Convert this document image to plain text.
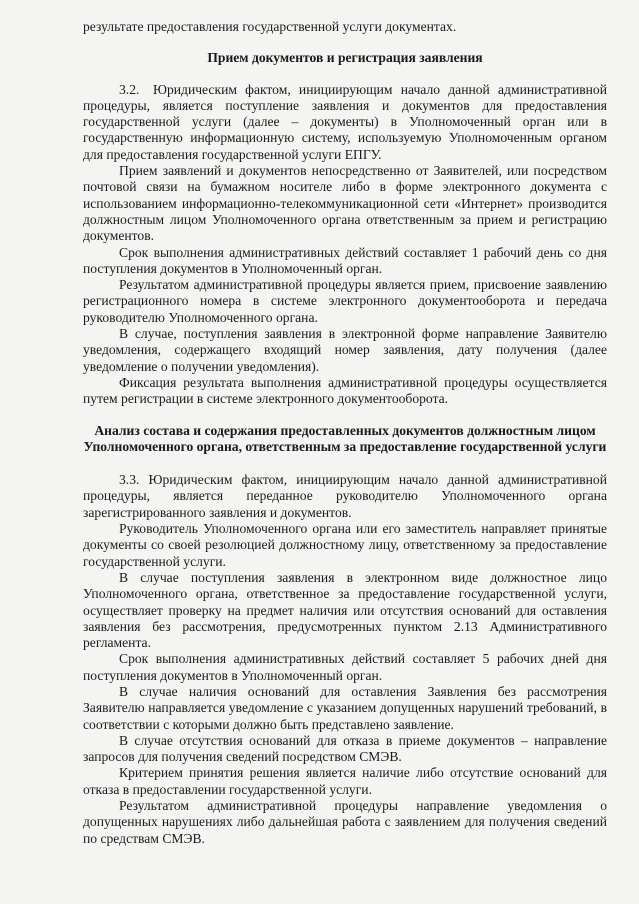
результате предоставления государственной услуги документах.

Прием документов и регистрация заявления

3.2. Юридическим фактом, инициирующим начало данной административной процедуры, является поступление заявления и документов для предоставления государственной услуги (далее – документы) в Уполномоченный орган или в государственную информационную систему, используемую Уполномоченным органом для предоставления государственной услуги ЕПГУ.

Прием заявлений и документов непосредственно от Заявителей, или посредством почтовой связи на бумажном носителе либо в форме электронного документа с использованием информационно-телекоммуникационной сети «Интернет» производится должностным лицом Уполномоченного органа ответственным за прием и регистрацию документов.

Срок выполнения административных действий составляет 1 рабочий день со дня поступления документов в Уполномоченный орган.

Результатом административной процедуры является прием, присвоение заявлению регистрационного номера в системе электронного документооборота и передача руководителю Уполномоченного органа.

В случае, поступления заявления в электронной форме направление Заявителю уведомления, содержащего входящий номер заявления, дату получения (далее уведомление о получении уведомления).

Фиксация результата выполнения административной процедуры осуществляется путем регистрации в системе электронного документооборота.

Анализ состава и содержания предоставленных документов должностным лицом Уполномоченного органа, ответственным за предоставление государственной услуги

3.3. Юридическим фактом, инициирующим начало данной административной процедуры, является переданное руководителю Уполномоченного органа зарегистрированного заявления и документов.

Руководитель Уполномоченного органа или его заместитель направляет принятые документы со своей резолюцией должностному лицу, ответственному за предоставление государственной услуги.

В случае поступления заявления в электронном виде должностное лицо Уполномоченного органа, ответственное за предоставление государственной услуги, осуществляет проверку на предмет наличия или отсутствия оснований для оставления заявления без рассмотрения, предусмотренных пунктом 2.13 Административного регламента.

Срок выполнения административных действий составляет 5 рабочих дней дня поступления документов в Уполномоченный орган.

В случае наличия оснований для оставления Заявления без рассмотрения Заявителю направляется уведомление с указанием допущенных нарушений требований, в соответствии с которыми должно быть представлено заявление.

В случае отсутствия оснований для отказа в приеме документов – направление запросов для получения сведений посредством СМЭВ.

Критерием принятия решения является наличие либо отсутствие оснований для отказа в предоставлении государственной услуги.

Результатом административной процедуры направление уведомления о допущенных нарушениях либо дальнейшая работа с заявлением для получения сведений по средствам СМЭВ.
